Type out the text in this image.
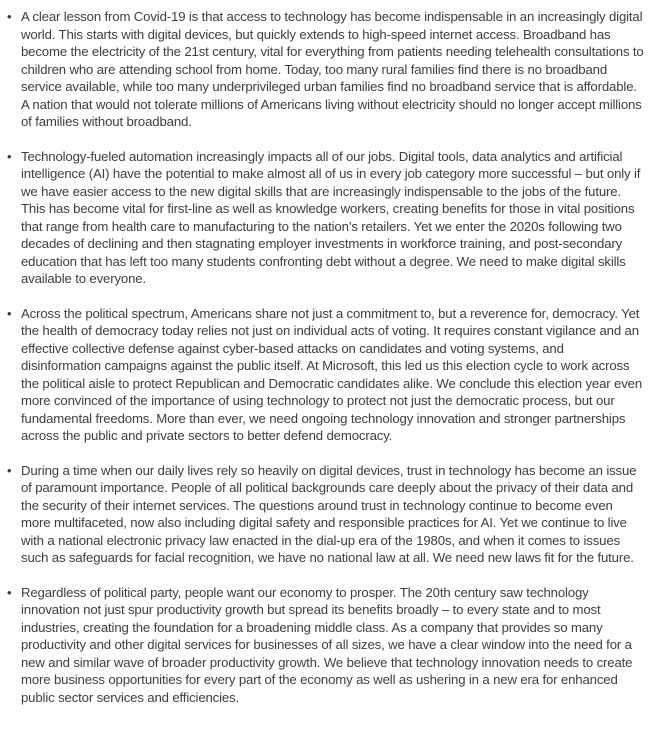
• A clear lesson from Covid-19 is that access to technology has become indispensable in an increasingly digital world. This starts with digital devices, but quickly extends to high-speed internet access. Broadband has become the electricity of the 21st century, vital for everything from patients needing telehealth consultations to children who are attending school from home. Today, too many rural families find there is no broadband service available, while too many underprivileged urban families find no broadband service that is affordable. A nation that would not tolerate millions of Americans living without electricity should no longer accept millions of families without broadband.
• Technology-fueled automation increasingly impacts all of our jobs. Digital tools, data analytics and artificial intelligence (AI) have the potential to make almost all of us in every job category more successful – but only if we have easier access to the new digital skills that are increasingly indispensable to the jobs of the future. This has become vital for first-line as well as knowledge workers, creating benefits for those in vital positions that range from health care to manufacturing to the nation’s retailers. Yet we enter the 2020s following two decades of declining and then stagnating employer investments in workforce training, and post-secondary education that has left too many students confronting debt without a degree. We need to make digital skills available to everyone.
• Across the political spectrum, Americans share not just a commitment to, but a reverence for, democracy. Yet the health of democracy today relies not just on individual acts of voting. It requires constant vigilance and an effective collective defense against cyber-based attacks on candidates and voting systems, and disinformation campaigns against the public itself. At Microsoft, this led us this election cycle to work across the political aisle to protect Republican and Democratic candidates alike. We conclude this election year even more convinced of the importance of using technology to protect not just the democratic process, but our fundamental freedoms. More than ever, we need ongoing technology innovation and stronger partnerships across the public and private sectors to better defend democracy.
• During a time when our daily lives rely so heavily on digital devices, trust in technology has become an issue of paramount importance. People of all political backgrounds care deeply about the privacy of their data and the security of their internet services. The questions around trust in technology continue to become even more multifaceted, now also including digital safety and responsible practices for AI. Yet we continue to live with a national electronic privacy law enacted in the dial-up era of the 1980s, and when it comes to issues such as safeguards for facial recognition, we have no national law at all. We need new laws fit for the future.
• Regardless of political party, people want our economy to prosper. The 20th century saw technology innovation not just spur productivity growth but spread its benefits broadly – to every state and to most industries, creating the foundation for a broadening middle class. As a company that provides so many productivity and other digital services for businesses of all sizes, we have a clear window into the need for a new and similar wave of broader productivity growth. We believe that technology innovation needs to create more business opportunities for every part of the economy as well as ushering in a new era for enhanced public sector services and efficiencies.
